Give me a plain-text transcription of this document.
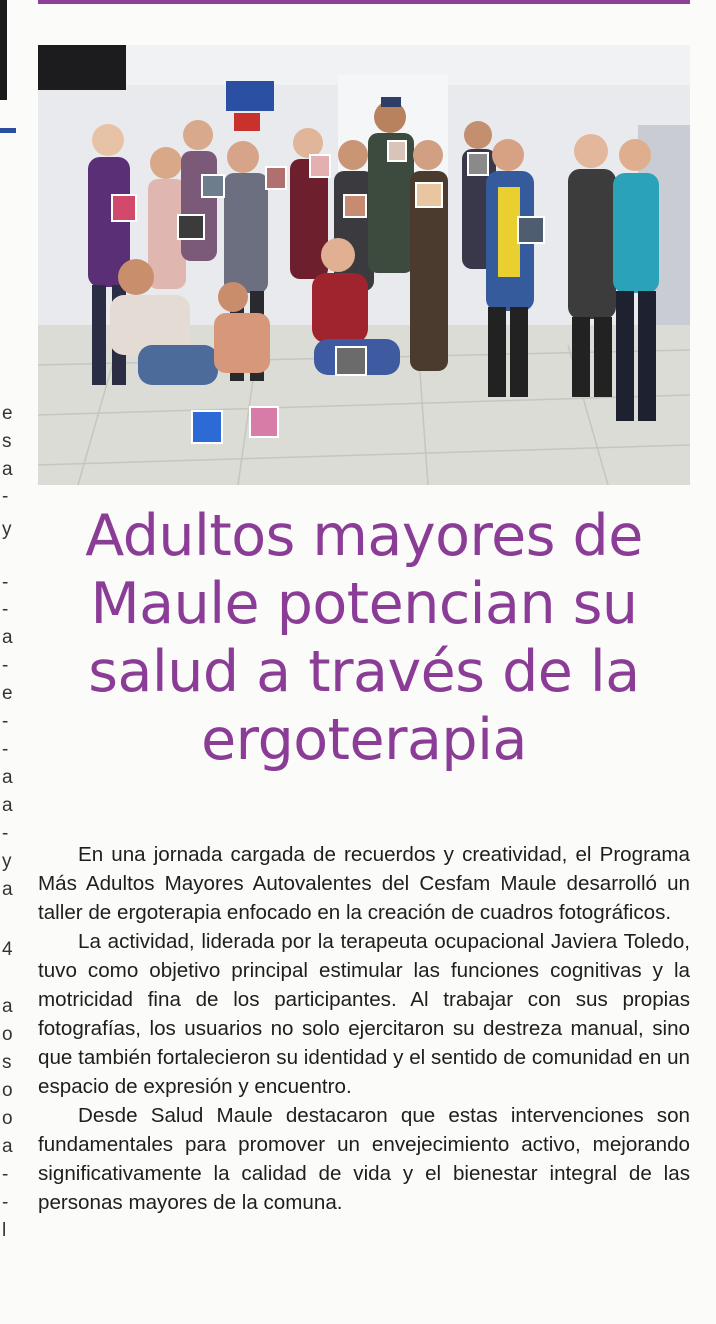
e
s
a
-
y
-
-
a
-
e
-
-
a
a
-
y
a
4
a
o
s
o
o
a
-
-
l
Adultos mayores de Maule potencian su salud a través de la ergoterapia

En una jornada cargada de recuerdos y creatividad, el Programa Más Adultos Mayores Autovalentes del Cesfam Maule desarrolló un taller de ergoterapia enfocado en la creación de cuadros fotográficos.

La actividad, liderada por la terapeuta ocupacional Javiera Toledo, tuvo como objetivo principal estimular las funciones cognitivas y la motricidad fina de los participantes. Al trabajar con sus propias fotografías, los usuarios no solo ejercitaron su destreza manual, sino que también fortalecieron su identidad y el sentido de comunidad en un espacio de expresión y encuentro.

Desde Salud Maule destacaron que estas intervenciones son fundamentales para promover un envejecimiento activo, mejorando significativamente la calidad de vida y el bienestar integral de las personas mayores de la comuna.
